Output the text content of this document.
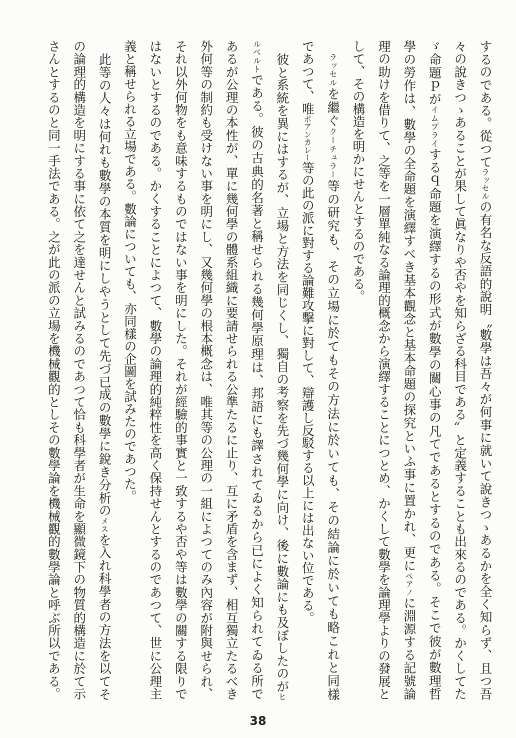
するのである。從つてラッセルの有名な反語的說明〝數學は吾々が何事に就いて說きつゝあるかを全く知らず、且つ吾
々の說きつゝあることが果して眞なりや否やを知らざる科目である〟と定義することも出來るのである。かくしてた
ゞ命題ｐがイムプライするｑ命題を演繹するの形式が數學の關心事の凡てであるとするのである。そこで彼が數理哲
學の勞作は、數學の全命題を演繹すべき基本觀念と基本命題の探究といふ事に置かれ、更にペアノに淵源する記號論
理の助けを借りて、之等を一層單純なる論理的概念から演繹することにつとめ、かくして數學を論理學よりの發展と
して、その構造を明かにせんとするのである。
ラッセルを繼ぐクーチュラー等の研究も、その立場に於てもその方法に於いても、その結論に於いても略これと同樣
であつて、唯ポアンカレー等の此の派に對する論難攻擊に對して、辯護し反駁する以上には出ない位である。
彼と系統を異にはするが、立場と方法を同じくし、獨自の考察を先づ幾何學に向け、後に數論にも及ぼしたのがヒ
ルベルトである。彼の古典的名著と稱せられる幾何學原理は、邦語にも譯されてゐるから已によく知られてゐる所で
あるが公理の本性が、單に幾何學の體系組織に要請せられる公準たるに止り、互に矛盾を含まず、相互獨立たるべき
外何等の制約も受けない事を明にし、又幾何學の根本概念は、唯其等の公理の一組によつてのみ內容が附與せられ、
それ以外何物をも意味するものではない事を明にした。それが經驗的事實と一致するや否や等は數學の關する限りで
はないとするのである。かくすることによつて、數學の論理的純粹性を高く保持せんとするのであつて、世に公理主
義と稱せられる立場である。數論についても、亦同樣の企圖を試みたのであつた。
此等の人々は何れも數學の本質を明にしやうとして先づ已成の數學に銳き分析のメスを入れ科學者の方法を以てそ
の論理的構造を明にする事に依て之を達せんと試みるのであつて恰も科學者が生命を顯微鏡下の物質的構造に於て示
さんとするのと同一手法である。之が此の派の立場を機械觀的としその數學論を機械觀的數學論と呼ぶ所以である。
38
